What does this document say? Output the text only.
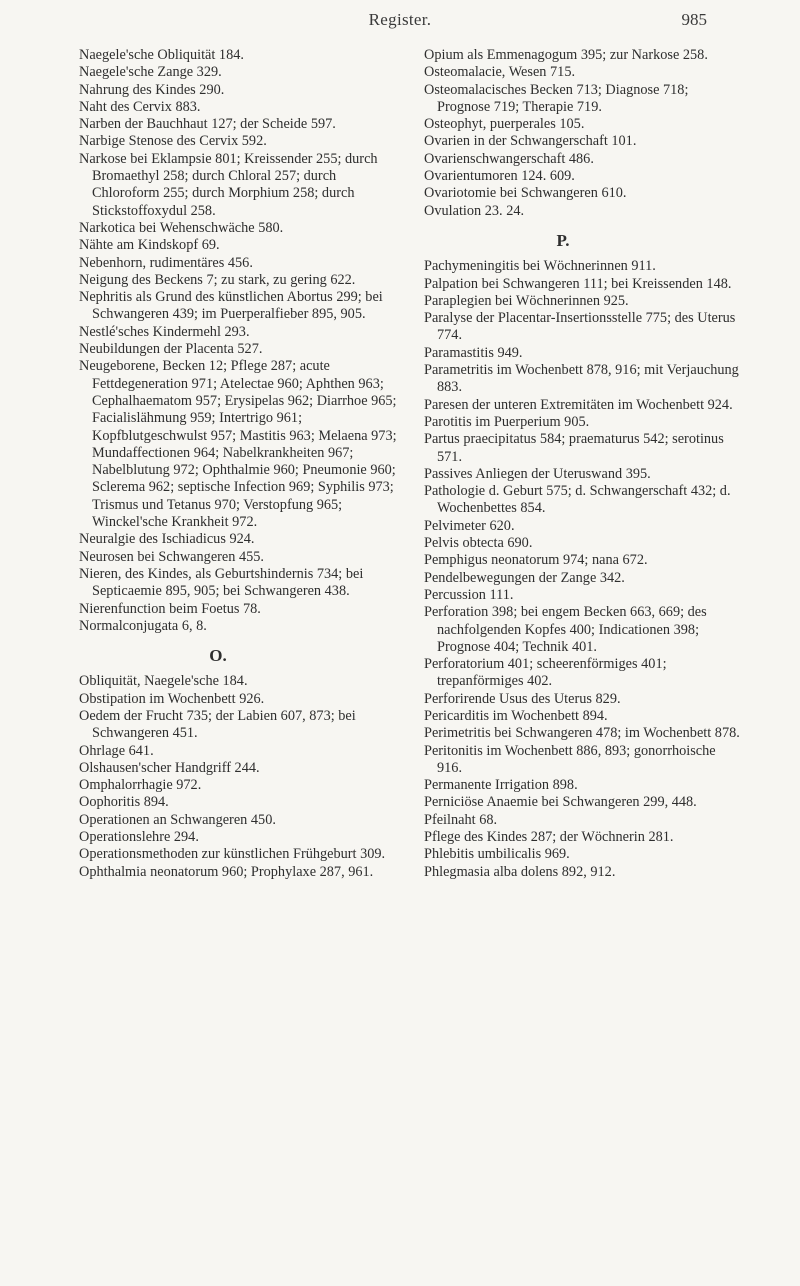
Register.	985

Naegele'sche Obliquität 184.

Naegele'sche Zange 329.

Nahrung des Kindes 290.

Naht des Cervix 883.

Narben der Bauchhaut 127; der Scheide 597.

Narbige Stenose des Cervix 592.

Narkose bei Eklampsie 801; Kreissender 255; durch Bromaethyl 258; durch Chloral 257; durch Chloroform 255; durch Morphium 258; durch Stickstoffoxydul 258.

Narkotica bei Wehenschwäche 580.

Nähte am Kindskopf 69.

Nebenhorn, rudimentäres 456.

Neigung des Beckens 7; zu stark, zu gering 622.

Nephritis als Grund des künstlichen Abortus 299; bei Schwangeren 439; im Puerperalfieber 895, 905.

Nestlé'sches Kindermehl 293.

Neubildungen der Placenta 527.

Neugeborene, Becken 12; Pflege 287; acute Fettdegeneration 971; Atelectae 960; Aphthen 963; Cephalhaematom 957; Erysipelas 962; Diarrhoe 965; Facialislähmung 959; Intertrigo 961; Kopfblutgeschwulst 957; Mastitis 963; Melaena 973; Mundaffectionen 964; Nabelkrankheiten 967; Nabelblutung 972; Ophthalmie 960; Pneumonie 960; Sclerema 962; septische Infection 969; Syphilis 973; Trismus und Tetanus 970; Verstopfung 965; Winckel'sche Krankheit 972.

Neuralgie des Ischiadicus 924.

Neurosen bei Schwangeren 455.

Nieren, des Kindes, als Geburtshindernis 734; bei Septicaemie 895, 905; bei Schwangeren 438.

Nierenfunction beim Foetus 78.

Normalconjugata 6, 8.

O.

Obliquität, Naegele'sche 184.

Obstipation im Wochenbett 926.

Oedem der Frucht 735; der Labien 607, 873; bei Schwangeren 451.

Ohrlage 641.

Olshausen'scher Handgriff 244.

Omphalorrhagie 972.

Oophoritis 894.

Operationen an Schwangeren 450.

Operationslehre 294.

Operationsmethoden zur künstlichen Frühgeburt 309.

Ophthalmia neonatorum 960; Prophylaxe 287, 961.

Opium als Emmenagogum 395; zur Narkose 258.

Osteomalacie, Wesen 715.

Osteomalacisches Becken 713; Diagnose 718; Prognose 719; Therapie 719.

Osteophyt, puerperales 105.

Ovarien in der Schwangerschaft 101.

Ovarienschwangerschaft 486.

Ovarientumoren 124. 609.

Ovariotomie bei Schwangeren 610.

Ovulation 23. 24.

P.

Pachymeningitis bei Wöchnerinnen 911.

Palpation bei Schwangeren 111; bei Kreissenden 148.

Paraplegien bei Wöchnerinnen 925.

Paralyse der Placentar-Insertionsstelle 775; des Uterus 774.

Paramastitis 949.

Parametritis im Wochenbett 878, 916; mit Verjauchung 883.

Paresen der unteren Extremitäten im Wochenbett 924.

Parotitis im Puerperium 905.

Partus praecipitatus 584; praematurus 542; serotinus 571.

Passives Anliegen der Uteruswand 395.

Pathologie d. Geburt 575; d. Schwangerschaft 432; d. Wochenbettes 854.

Pelvimeter 620.

Pelvis obtecta 690.

Pemphigus neonatorum 974; nana 672.

Pendelbewegungen der Zange 342.

Percussion 111.

Perforation 398; bei engem Becken 663, 669; des nachfolgenden Kopfes 400; Indicationen 398; Prognose 404; Technik 401.

Perforatorium 401; scheerenförmiges 401; trepanförmiges 402.

Perforirende Usus des Uterus 829.

Pericarditis im Wochenbett 894.

Perimetritis bei Schwangeren 478; im Wochenbett 878.

Peritonitis im Wochenbett 886, 893; gonorrhoische 916.

Permanente Irrigation 898.

Perniciöse Anaemie bei Schwangeren 299, 448.

Pfeilnaht 68.

Pflege des Kindes 287; der Wöchnerin 281.

Phlebitis umbilicalis 969.

Phlegmasia alba dolens 892, 912.
